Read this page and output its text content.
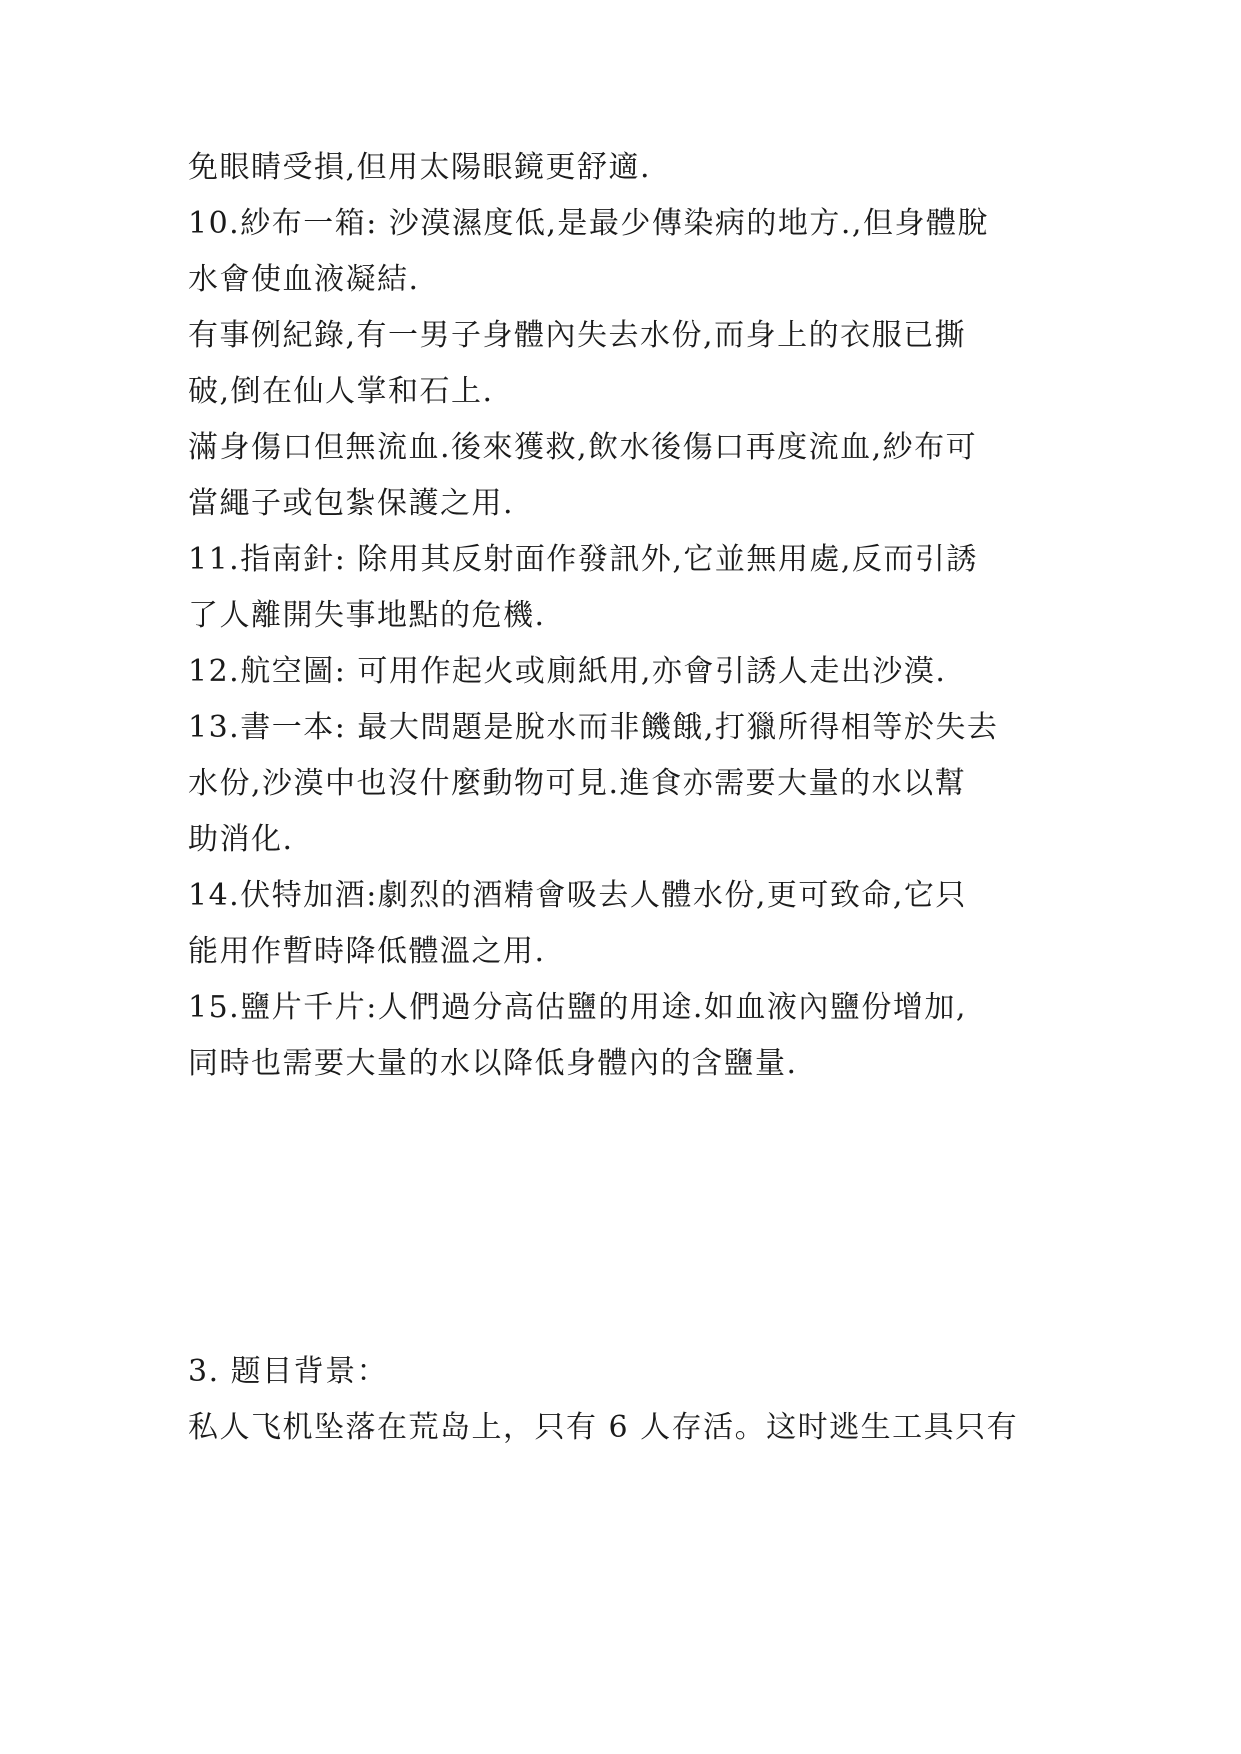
免眼睛受損,但用太陽眼鏡更舒適.
10.紗布一箱: 沙漠濕度低,是最少傳染病的地方.,但身體脫
水會使血液凝結.
有事例紀錄,有一男子身體內失去水份,而身上的衣服已撕
破,倒在仙人掌和石上.
滿身傷口但無流血.後來獲救,飲水後傷口再度流血,紗布可
當繩子或包紮保護之用.
11.指南針: 除用其反射面作發訊外,它並無用處,反而引誘
了人離開失事地點的危機.
12.航空圖: 可用作起火或廁紙用,亦會引誘人走出沙漠.
13.書一本: 最大問題是脫水而非饑餓,打獵所得相等於失去
水份,沙漠中也沒什麼動物可見.進食亦需要大量的水以幫
助消化.
14.伏特加酒:劇烈的酒精會吸去人體水份,更可致命,它只
能用作暫時降低體溫之用.
15.鹽片千片:人們過分高估鹽的用途.如血液內鹽份增加,
同時也需要大量的水以降低身體內的含鹽量.
3. 题目背景：
私人飞机坠落在荒岛上，只有 6 人存活。这时逃生工具只有
